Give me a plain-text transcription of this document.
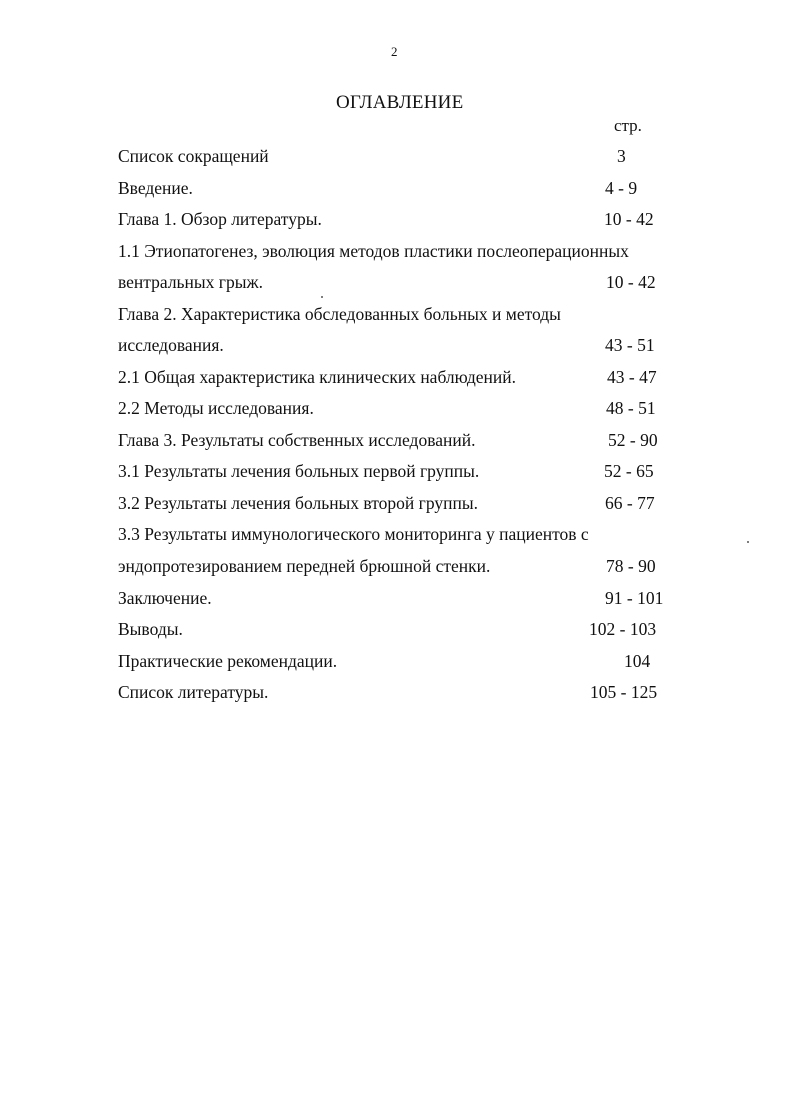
2
ОГЛАВЛЕНИЕ
стр.
Список сокращений	3
Введение.	4 - 9
Глава 1. Обзор литературы.	10 - 42
1.1 Этиопатогенез, эволюция методов пластики послеоперационных
вентральных грыж.	10 - 42
Глава 2. Характеристика обследованных больных и методы
исследования.	43 - 51
2.1 Общая характеристика клинических наблюдений.	43 - 47
2.2 Методы исследования.	48 - 51
Глава 3. Результаты собственных исследований.	52 - 90
3.1 Результаты лечения больных первой группы.	52 - 65
3.2 Результаты лечения больных второй группы.	66 - 77
3.3 Результаты иммунологического мониторинга у пациентов с
эндопротезированием передней брюшной стенки.	78 - 90
Заключение.	91 - 101
Выводы.	102 - 103
Практические рекомендации.	104
Список литературы.	105 - 125
